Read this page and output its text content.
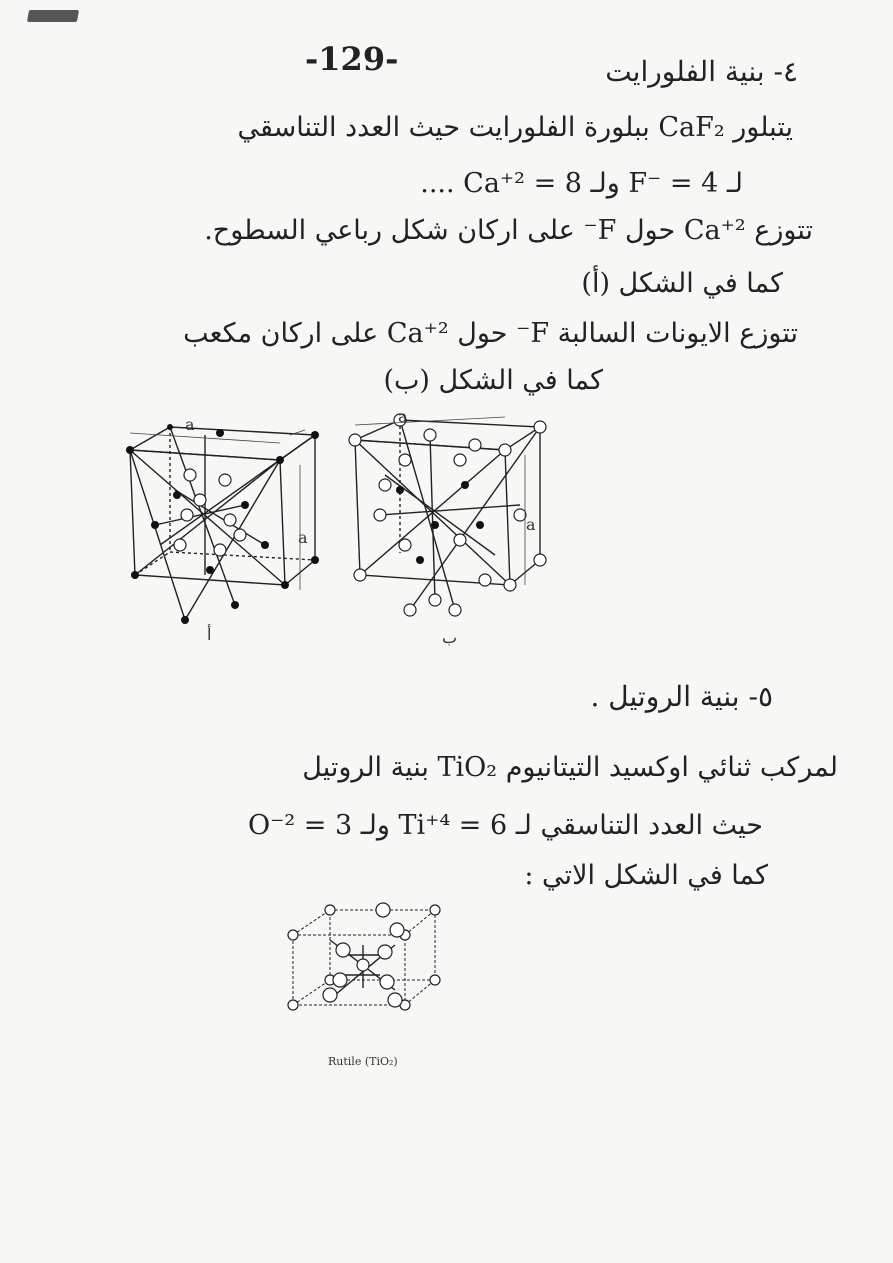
-129-	٤- بنية الفلورايت
يتبلور CaF₂ ببلورة الفلورايت حيث العدد التناسقي
لـ F⁻ = 4 ولـ Ca⁺² = 8 ....
تتوزع Ca⁺² حول F⁻ على اركان شكل رباعي السطوح.
كما في الشكل (أ)
تتوزع الايونات السالبة F⁻ حول Ca⁺² على اركان مكعب
كما في الشكل (ب)
a
a
أ
a
a
ب
٥- بنية الروتيل .
لمركب ثنائي اوكسيد التيتانيوم TiO₂ بنية الروتيل
حيث العدد التناسقي لـ Ti⁺⁴ = 6 ولـ O⁻² = 3
كما في الشكل الاتي :
Rutile (TiO₂)
